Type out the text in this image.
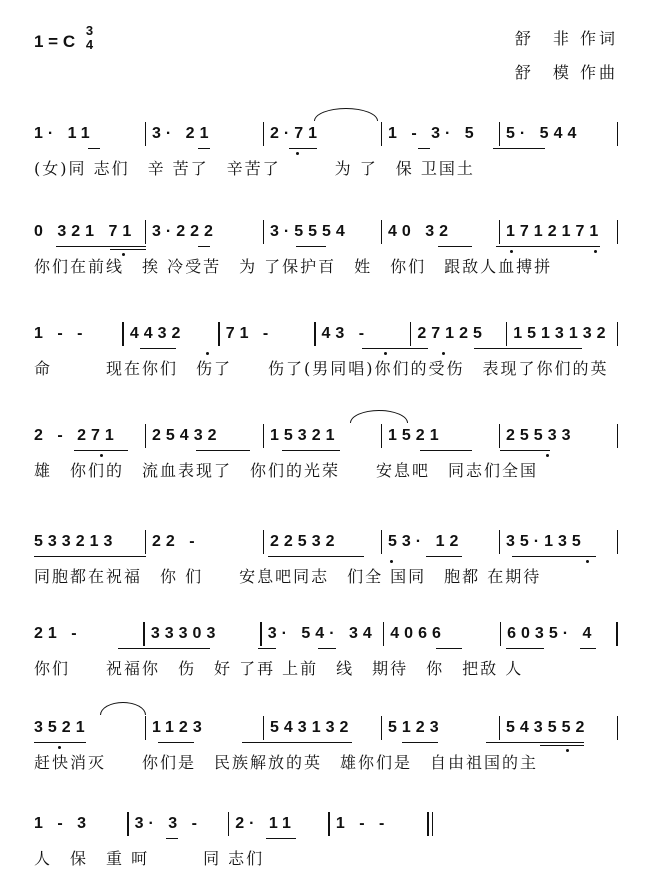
1 = C
3
4	舒　非 作词
舒　模 作曲
1· 11	3· 21	2·71	1 - 3· 5	5· 544
(女)同 志们　辛 苦了　辛苦了　　　为 了　保 卫国土
0 321 71 3·222	3·5554	40 32	1712171
你们在前线　挨 冷受苦　为 了保护百　姓　你们　跟敌人血搏拼
1 - -	4432	71 -	43 -	27125	1513132
命　　　现在你们　伤了　　伤了(男同唱)你们的受伤　表现了你们的英
2 - 271	25432	15321	1521	25533
雄　你们的　流血表现了　你们的光荣　　安息吧　同志们全国
533213	22 -	22532	53· 12	35·135
同胞都在祝福　你 们　　安息吧同志　们全 国同　胞都 在期待
21 -	33303	3· 54· 34 4066	6035· 4
你们　　祝福你　伤　好 了再 上前　线　期待　你　把敌 人
3521	1123	543132	5123	543552
赶快消灭　　你们是　民族解放的英　雄你们是　自由祖国的主
1 - 3	3· 3 -	2· 11	1 - -
人　保　重 呵　　　同 志们
